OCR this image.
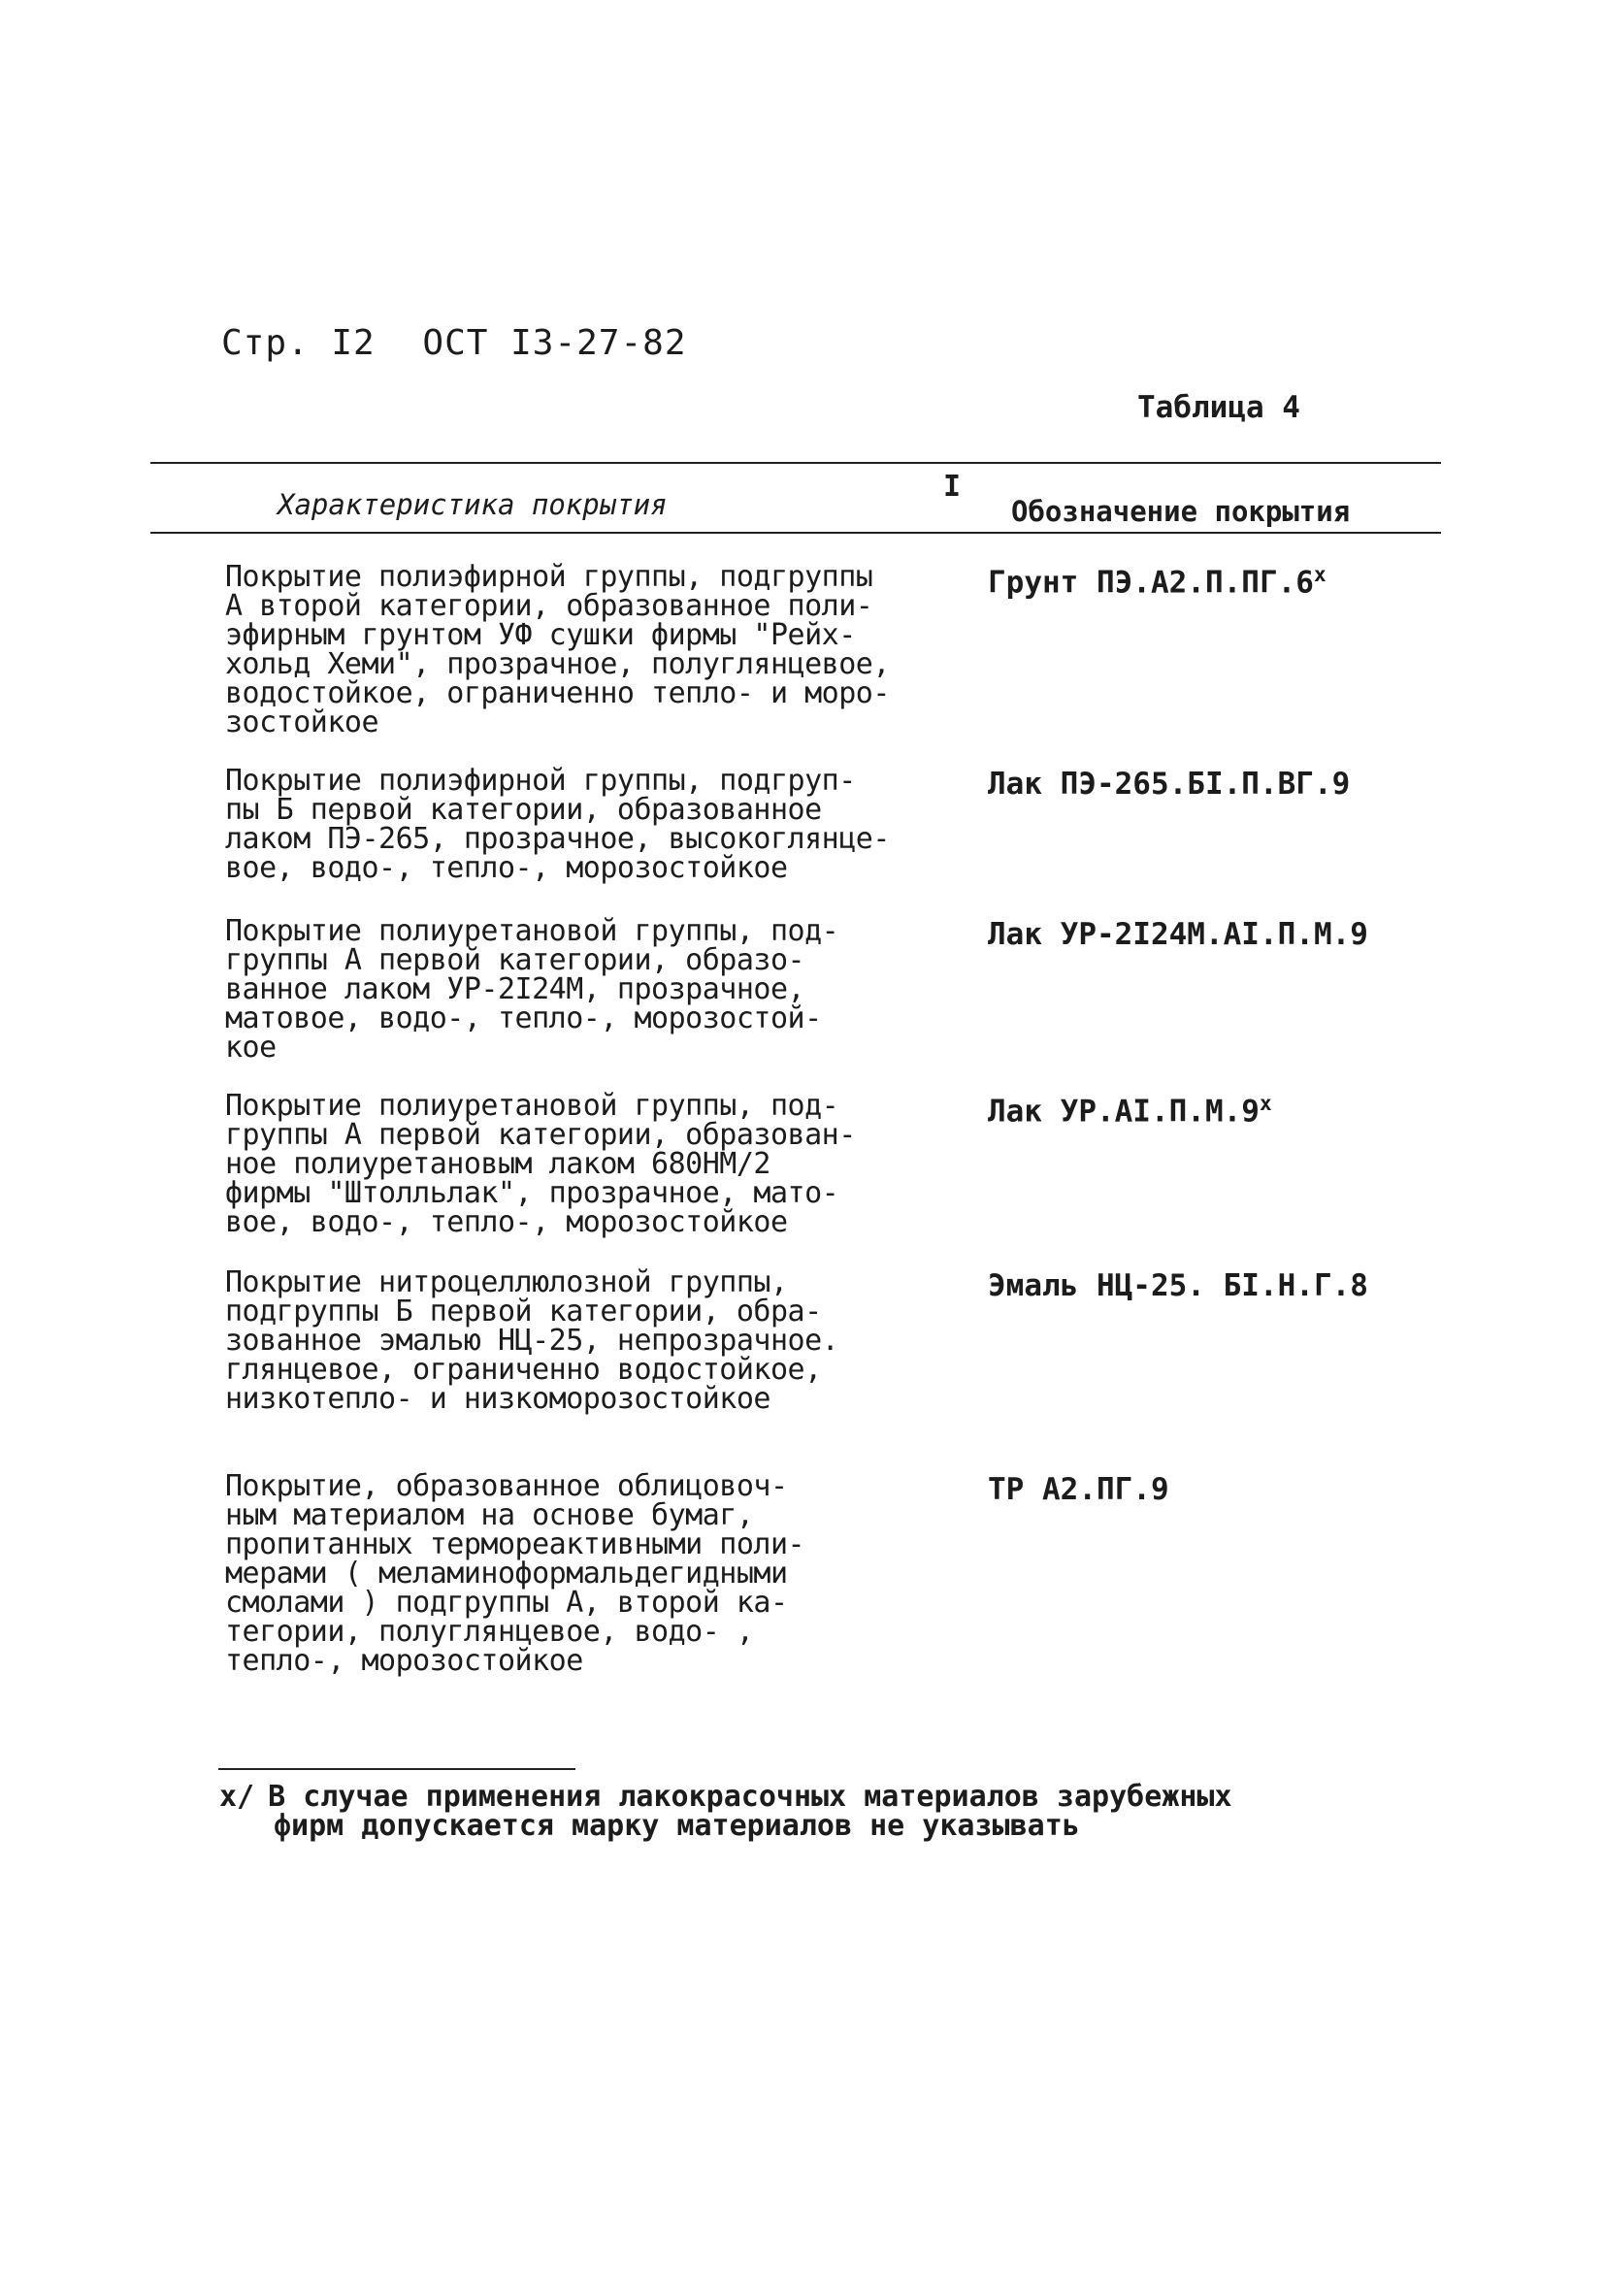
Стр. I2 ОСТ I3-27-82
Таблица 4
Характеристика покрытия
I
Обозначение покрытия
Покрытие полиэфирной группы, подгруппы
А второй категории, образованное поли-
эфирным грунтом УФ сушки фирмы "Рейх-
хольд Хеми", прозрачное, полуглянцевое,
водостойкое, ограниченно тепло- и моро-
зостойкое
Грунт ПЭ.А2.П.ПГ.6$^x$
Покрытие полиэфирной группы, подгруп-
пы Б первой категории, образованное
лаком ПЭ-265, прозрачное, высокоглянце-
вое, водо-, тепло-, морозостойкое
Лак ПЭ-265.БI.П.ВГ.9
Покрытие полиуретановой группы, под-
группы А первой категории, образо-
ванное лаком УР-2I24М, прозрачное,
матовое, водо-, тепло-, морозостой-
кое
Лак УР-2I24М.АI.П.М.9
Покрытие полиуретановой группы, под-
группы А первой категории, образован-
ное полиуретановым лаком 680НМ/2
фирмы "Штолльлак", прозрачное, мато-
вое, водо-, тепло-, морозостойкое
Лак УР.АI.П.М.9$^x$
Покрытие нитроцеллюлозной группы,
подгруппы Б первой категории, обра-
зованное эмалью НЦ-25, непрозрачное.
глянцевое, ограниченно водостойкое,
низкотепло- и низкоморозостойкое
Эмаль НЦ-25. БI.Н.Г.8
Покрытие, образованное облицовоч-
ным материалом на основе бумаг,
пропитанных термореактивными поли-
мерами ( меламиноформальдегидными
смолами ) подгруппы А, второй ка-
тегории, полуглянцевое, водо- ,
тепло-, морозостойкое
ТР А2.ПГ.9
х/ В случае применения лакокрасочных материалов зарубежных
фирм допускается марку материалов не указывать
